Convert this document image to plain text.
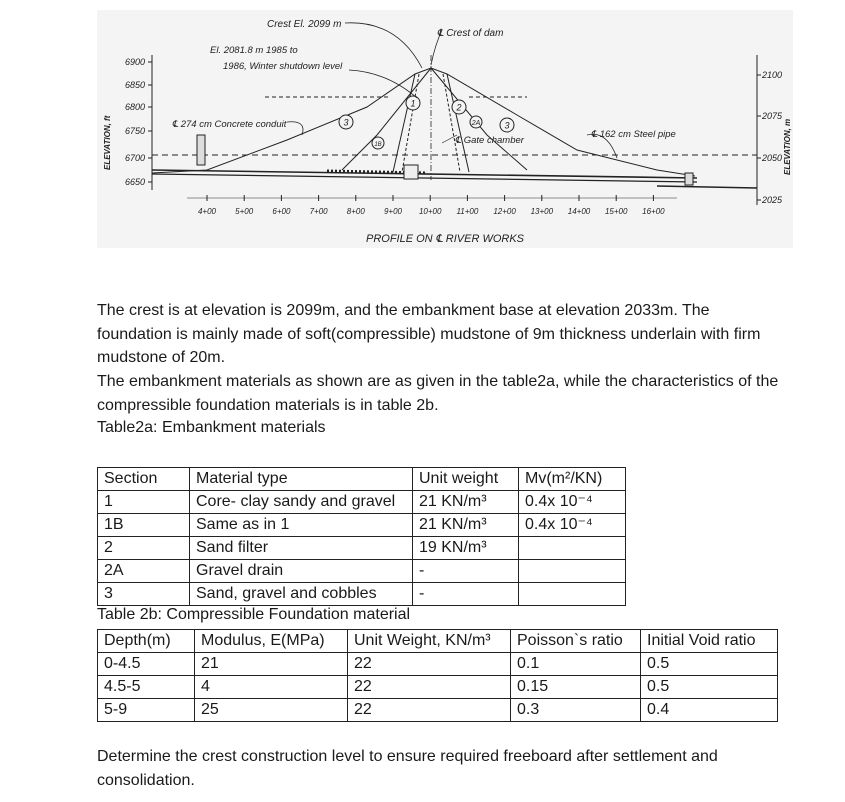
6900
6850
6800
6750
6700
6650
ELEVATION, ft
2100
2075
2050
2025
ELEVATION, m
1	2
2A	3
3
1B
Crest El. 2099 m
℄ Crest of dam
El. 2081.8 m 1985 to
1986, Winter shutdown level
℄ 274 cm Concrete conduit
℄ 162 cm Steel pipe
℄ Gate chamber
4+00 5+00 6+00 7+00 8+00 9+00 10+00 11+00 12+00 13+00 14+00 15+00 16+00
PROFILE ON ℄ RIVER WORKS
The crest is at elevation is 2099m, and the embankment base at elevation 2033m. The foundation is mainly made of soft(compressible) mudstone of 9m thickness underlain with firm mudstone of 20m.
The embankment materials as shown are as given in the table2a, while the characteristics of the compressible foundation materials is in table 2b.
Table2a: Embankment materials
Section	Material type	Unit weight	Mv(m²/KN)
1	Core- clay sandy and gravel	21 KN/m³	0.4x 10⁻⁴
1B	Same as in 1	21 KN/m³	0.4x 10⁻⁴
2	Sand filter	19 KN/m³	
2A	Gravel drain	-	
3	Sand, gravel and cobbles	-	
Table 2b: Compressible Foundation material
Depth(m)	Modulus, E(MPa)	Unit Weight, KN/m³	Poisson`s ratio	Initial Void ratio
0-4.5	21	22	0.1	0.5
4.5-5	4	22	0.15	0.5
5-9	25	22	0.3	0.4
Determine the crest construction level to ensure required freeboard after settlement and consolidation.
